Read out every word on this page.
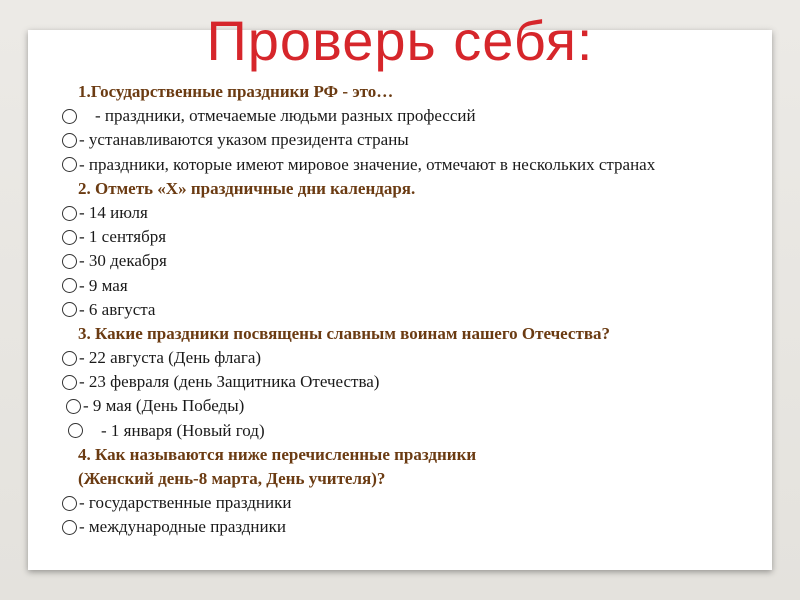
Проверь себя:
1.Государственные праздники РФ - это…
- праздники, отмечаемые людьми разных профессий
- устанавливаются указом президента страны
- праздники, которые имеют мировое значение, отмечают в нескольких странах
2. Отметь «Х» праздничные дни календаря.
- 14 июля
- 1 сентября
- 30 декабря
- 9 мая
- 6 августа
3. Какие праздники посвящены славным воинам нашего Отечества?
- 22 августа (День флага)
- 23 февраля (день Защитника Отечества)
- 9 мая (День Победы)
- 1 января (Новый год)
4. Как называются ниже перечисленные праздники
(Женский день-8 марта, День учителя)?
- государственные праздники
- международные праздники
